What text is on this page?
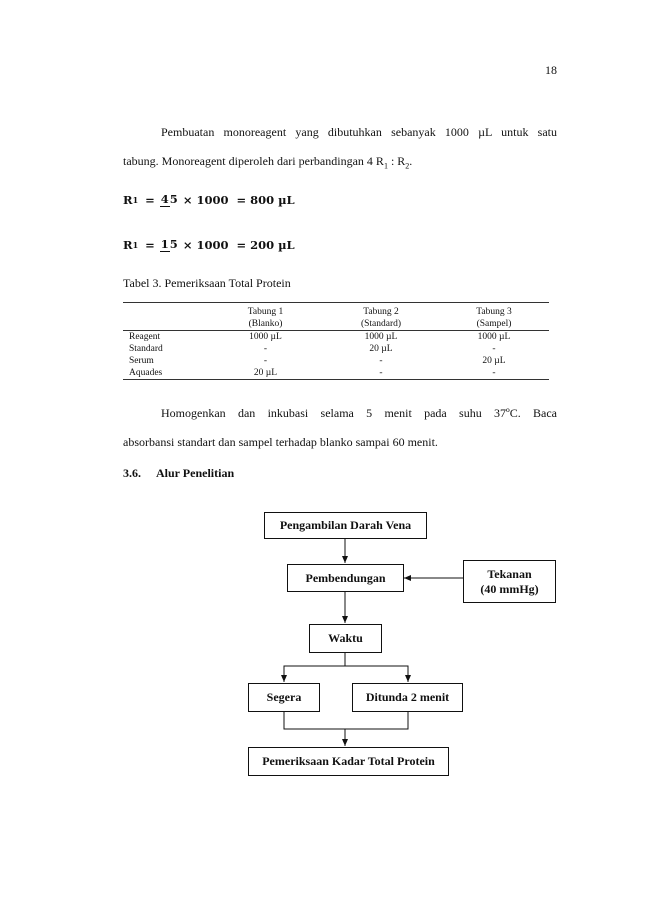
18
Pembuatan monoreagent yang dibutuhkan sebanyak 1000 µL untuk satu
tabung. Monoreagent diperoleh dari perbandingan 4 $R_1$ : $R_2$.
R 1 = 45 × 1000  = 800 µL
R 1 = 15 × 1000  = 200 µL
Tabel 3. Pemeriksaan Total Protein
	Tabung 1	Tabung 2	Tabung 3
	(Blanko)	(Standard)	(Sampel)
Reagent	1000 µL	1000 µL	1000 µL
Standard	-	20 µL	-
Serum	-	-	20 µL
Aquades	20 µL	-	-
Homogenkan dan inkubasi selama 5 menit pada suhu 37ºC. Baca
absorbansi standart dan sampel terhadap blanko sampai 60 menit.
3.6. Alur Penelitian
Pengambilan Darah Vena
Pembendungan	Tekanan
(40 mmHg)
Waktu
Segera	Ditunda 2 menit
Pemeriksaan Kadar Total Protein
